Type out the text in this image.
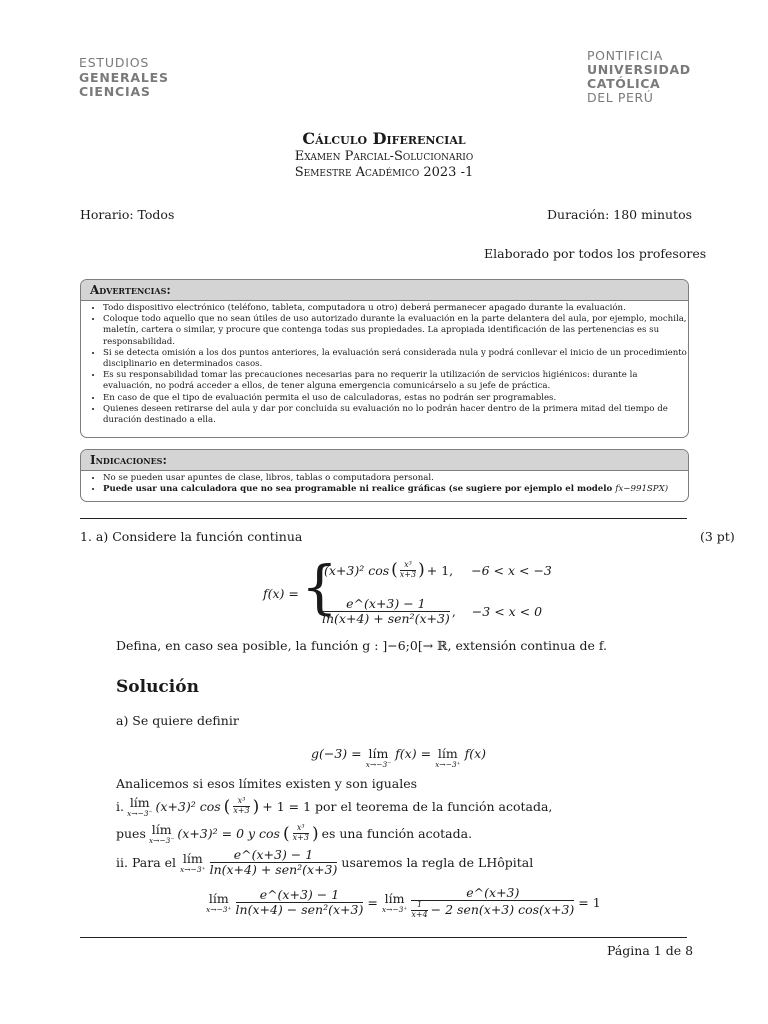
ESTUDIOS
GENERALES
CIENCIAS
PONTIFICIA
UNIVERSIDAD
CATÓLICA
DEL PERÚ
Cálculo Diferencial
Examen Parcial-Solucionario
Semestre Académico 2023 -1
Horario: Todos	Duración: 180 minutos
Elaborado por todos los profesores
Advertencias:
• Todo dispositivo electrónico (teléfono, tableta, computadora u otro) deberá permanecer apagado durante la evaluación.
• Coloque todo aquello que no sean útiles de uso autorizado durante la evaluación en la parte delantera del aula, por ejemplo, mochila, maletín, cartera o similar, y procure que contenga todas sus propiedades. La apropiada identificación de las pertenencias es su responsabilidad.
• Si se detecta omisión a los dos puntos anteriores, la evaluación será considerada nula y podrá conllevar el inicio de un procedimiento disciplinario en determinados casos.
• Es su responsabilidad tomar las precauciones necesarias para no requerir la utilización de servicios higiénicos: durante la evaluación, no podrá acceder a ellos, de tener alguna emergencia comunicárselo a su jefe de práctica.
• En caso de que el tipo de evaluación permita el uso de calculadoras, estas no podrán ser programables.
• Quienes deseen retirarse del aula y dar por concluida su evaluación no lo podrán hacer dentro de la primera mitad del tiempo de duración destinado a ella.
Indicaciones:
• No se pueden usar apuntes de clase, libros, tablas o computadora personal.
• Puede usar una calculadora que no sea programable ni realice gráficas (se sugiere por ejemplo el modelo fx−991SPX)
1. a) Considere la función continua	(3 pt)
f(x) = {
(x+3)² cos ( $\frac{\text{x³}}{x+3}$ ) + 1, −6 < x < −3
$\frac{e\^{}(x+3) - 1}{\text{ln(x+4) + sen²(x+3)}}$ , −3 < x < 0
Defina, en caso sea posible, la función g : ]−6;0[→ ℝ, extensión continua de f.
Solución
a) Se quiere definir
g(−3) = lím
x→−3⁻
f(x) = lím
x→−3⁺
f(x)
Analicemos si esos límites existen y son iguales
i. lím
x→−3⁻ (x+3)² cos ( $\frac{\text{x³}}{x+3}$ ) + 1 = 1 por el teorema de la función acotada,
pues lím
x→−3⁻ (x+3)² = 0 y cos ( $\frac{\text{x³}}{x+3}$ ) es una función acotada.
ii. Para el lím
$x\to-3^+ \frac{e\^{}(x+3) - 1}{\text{ln(x+4) + sen²(x+3)}}$ usaremos la regla de LHôpital
lím
$x\to-3^+ \frac{e\^{}(x+3) - 1}{\text{ln(x+4) − sen²(x+3)}}$ = lím
$x\to-3^+ \frac{e\^{}(x+3)}{\frac{1}{x+4} - 2 sen(x+3) \cos(x+3)} = 1$
Página 1 de 8
